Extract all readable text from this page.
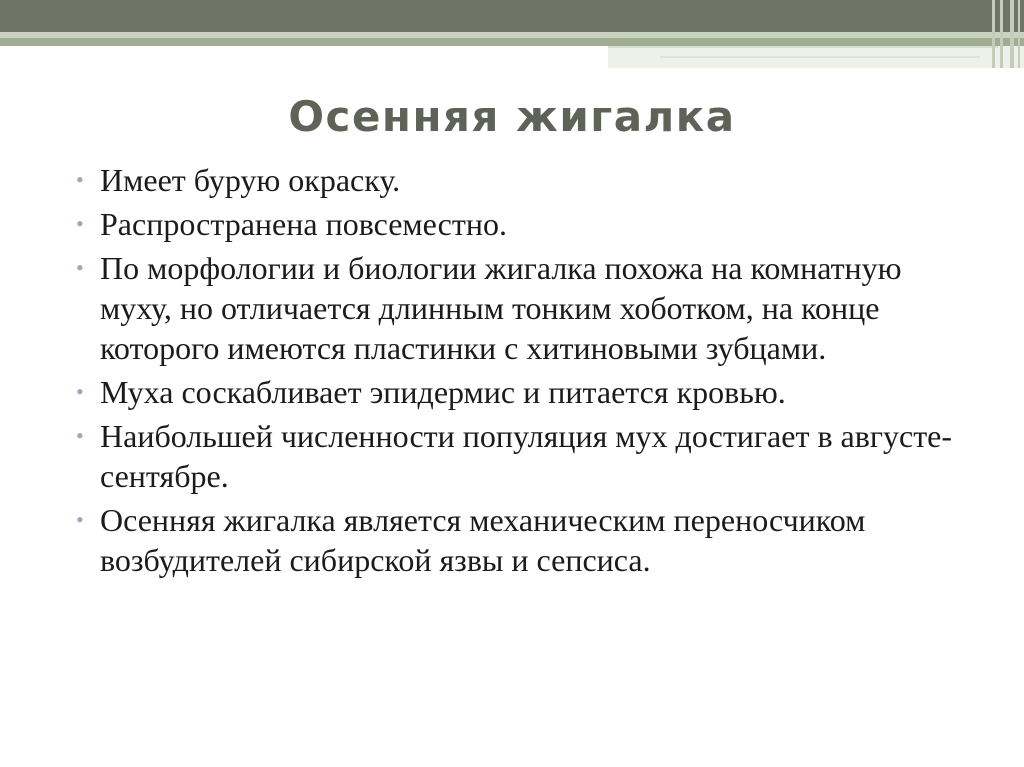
Осенняя жигалка
• Имеет бурую окраску.
• Распространена повсеместно.
• По морфологии и биологии жигалка похожа на комнатную муху, но отличается длинным тонким хоботком, на конце которого имеются пластинки с хитиновыми зубцами.
• Муха соскабливает эпидермис и питается кровью.
• Наибольшей численности популяция мух достигает в августе-сентябре.
• Осенняя жигалка является механическим переносчиком возбудителей сибирской язвы и сепсиса.
